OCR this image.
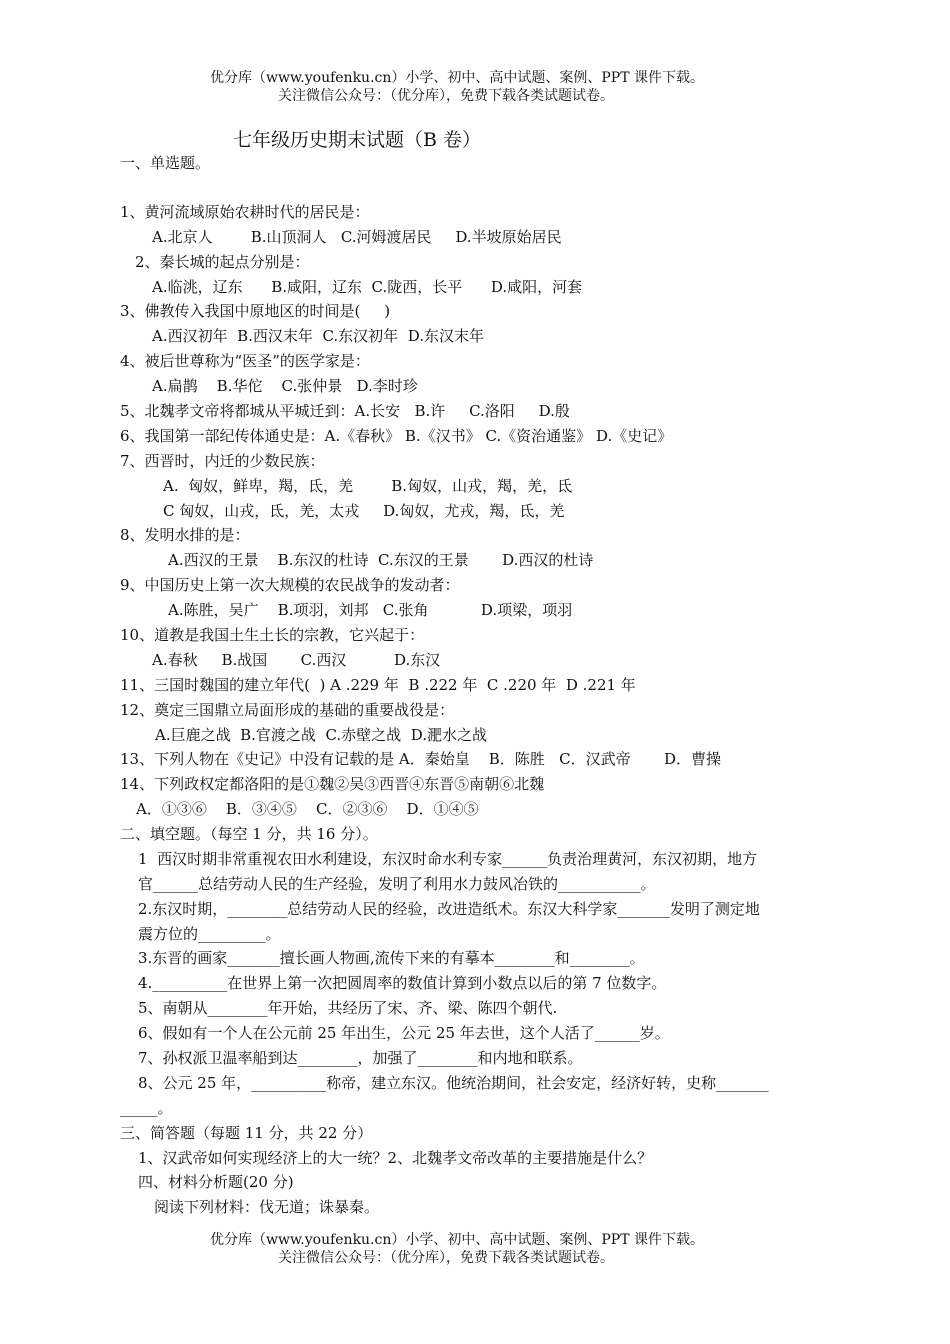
优分库（www.youfenku.cn）小学、初中、高中试题、案例、PPT 课件下载。
关注微信公众号：（优分库），免费下载各类试题试卷。
七年级历史期末试题（B 卷）
一、单选题。
1、黄河流域原始农耕时代的居民是：
A.北京人        B.山顶洞人   C.河姆渡居民     D.半坡原始居民
2、秦长城的起点分别是：
A.临洮，辽东      B.咸阳，辽东  C.陇西，长平      D.咸阳，河套
3、佛教传入我国中原地区的时间是(     )
A.西汉初年  B.西汉末年  C.东汉初年  D.东汉末年
4、被后世尊称为“医圣”的医学家是：
A.扁鹊    B.华佗    C.张仲景   D.李时珍
5、北魏孝文帝将都城从平城迁到：A.长安   B.许     C.洛阳     D.殷
6、我国第一部纪传体通史是：A.《春秋》 B.《汉书》 C.《资治通鉴》 D.《史记》
7、西晋时，内迁的少数民族：
A.  匈奴，鲜卑，羯，氐，羌        B.匈奴，山戎，羯，羌，氐
C 匈奴，山戎，氐，羌，太戎     D.匈奴，尤戎，羯，氐，羌
8、发明水排的是：
A.西汉的王景    B.东汉的杜诗  C.东汉的王景       D.西汉的杜诗
9、中国历史上第一次大规模的农民战争的发动者：
A.陈胜，吴广    B.项羽，刘邦   C.张角           D.项梁，项羽
10、道教是我国土生土长的宗教，它兴起于：
A.春秋     B.战国       C.西汉          D.东汉
11、三国时魏国的建立年代(  ) A .229 年  B .222 年  C .220 年  D .221 年
12、奠定三国鼎立局面形成的基础的重要战役是：
A.巨鹿之战  B.官渡之战  C.赤壁之战  D.淝水之战
13、下列人物在《史记》中没有记载的是 A．秦始皇    B．陈胜   C．汉武帝       D．曹操
14、下列政权定都洛阳的是①魏②吴③西晋④东晋⑤南朝⑥北魏
A．①③⑥    B．③④⑤    C．②③⑥    D．①④⑤
二、填空题。（每空 1 分，共 16 分）。
1  西汉时期非常重视农田水利建设，东汉时命水利专家______负责治理黄河，东汉初期，地方
官______总结劳动人民的生产经验，发明了利用水力鼓风冶铁的___________。
2.东汉时期，________总结劳动人民的经验，改进造纸术。东汉大科学家_______发明了测定地
震方位的_________。
3.东晋的画家_______擅长画人物画,流传下来的有摹本________和________。
4.__________在世界上第一次把圆周率的数值计算到小数点以后的第 7 位数字。
5、南朝从________年开始，共经历了宋、齐、梁、陈四个朝代.
6、假如有一个人在公元前 25 年出生，公元 25 年去世，这个人活了______岁。
7、孙权派卫温率船到达________，加强了________和内地和联系。
8、公元 25 年，__________称帝，建立东汉。他统治期间，社会安定，经济好转，史称_______
_____。
三、简答题（每题 11 分，共 22 分）
1、汉武帝如何实现经济上的大一统？2、北魏孝文帝改革的主要措施是什么？
四、材料分析题(20 分)
阅读下列材料：伐无道；诛暴秦。
优分库（www.youfenku.cn）小学、初中、高中试题、案例、PPT 课件下载。
关注微信公众号：（优分库），免费下载各类试题试卷。
